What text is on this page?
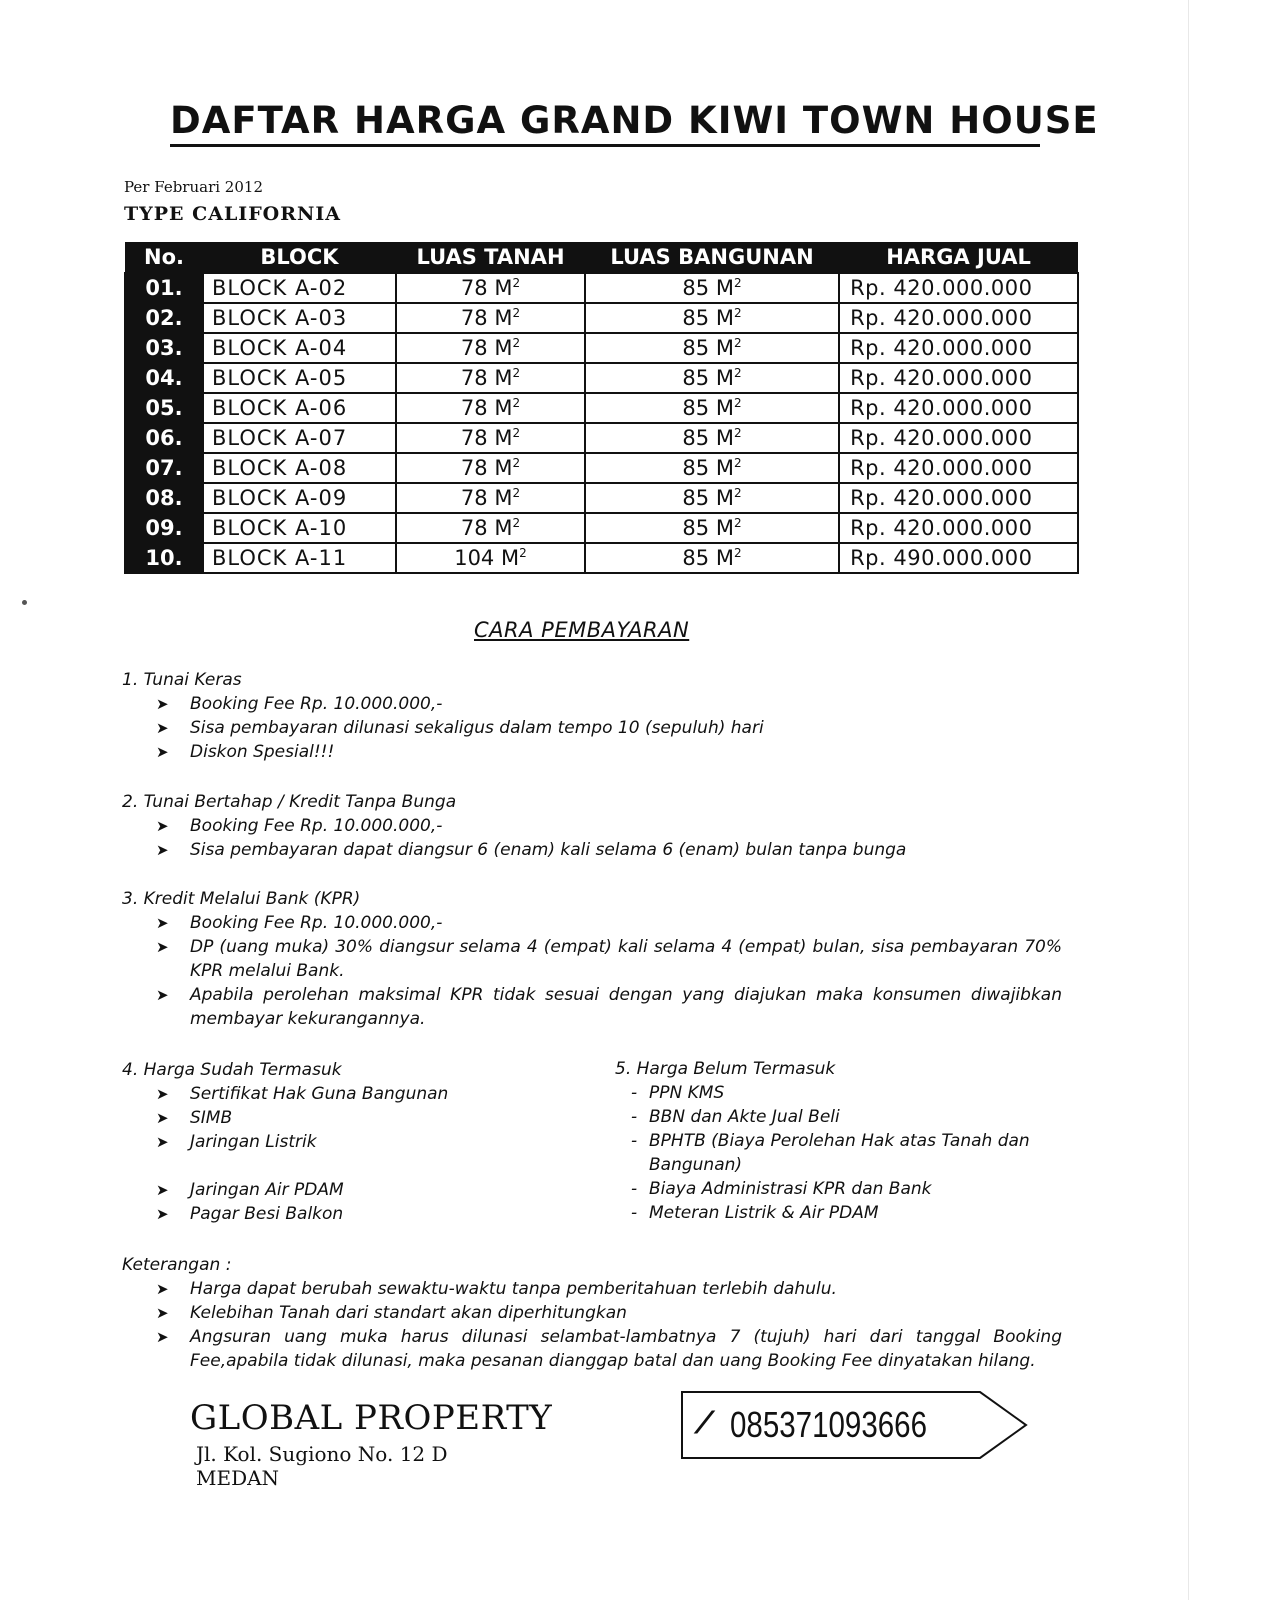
DAFTAR HARGA GRAND KIWI TOWN HOUSE
Per Februari 2012
TYPE CALIFORNIA
No.	BLOCK	LUAS TANAH	LUAS BANGUNAN	HARGA JUAL
01.	BLOCK A-02	78 $M^2$	85 $M^2$	Rp. 420.000.000
02.	BLOCK A-03	78 $M^2$	85 $M^2$	Rp. 420.000.000
03.	BLOCK A-04	78 $M^2$	85 $M^2$	Rp. 420.000.000
04.	BLOCK A-05	78 $M^2$	85 $M^2$	Rp. 420.000.000
05.	BLOCK A-06	78 $M^2$	85 $M^2$	Rp. 420.000.000
06.	BLOCK A-07	78 $M^2$	85 $M^2$	Rp. 420.000.000
07.	BLOCK A-08	78 $M^2$	85 $M^2$	Rp. 420.000.000
08.	BLOCK A-09	78 $M^2$	85 $M^2$	Rp. 420.000.000
09.	BLOCK A-10	78 $M^2$	85 $M^2$	Rp. 420.000.000
10.	BLOCK A-11	104 $M^2$	85 $M^2$	Rp. 490.000.000
CARA PEMBAYARAN
1. Tunai Keras
➤ Booking Fee Rp. 10.000.000,-
➤ Sisa pembayaran dilunasi sekaligus dalam tempo 10 (sepuluh) hari
➤ Diskon Spesial!!!
2. Tunai Bertahap / Kredit Tanpa Bunga
➤ Booking Fee Rp. 10.000.000,-
➤ Sisa pembayaran dapat diangsur 6 (enam) kali selama 6 (enam) bulan tanpa bunga
3. Kredit Melalui Bank (KPR)
➤ Booking Fee Rp. 10.000.000,-
➤ DP (uang muka) 30% diangsur selama 4 (empat) kali selama 4 (empat) bulan, sisa pembayaran 70% KPR melalui Bank.
➤ Apabila perolehan maksimal KPR tidak sesuai dengan yang diajukan maka konsumen diwajibkan membayar kekurangannya.
4. Harga Sudah Termasuk
➤ Sertifikat Hak Guna Bangunan
➤ SIMB
➤ Jaringan Listrik
➤ Jaringan Air PDAM
➤ Pagar Besi Balkon
5. Harga Belum Termasuk
- PPN KMS
- BBN dan Akte Jual Beli
- BPHTB (Biaya Perolehan Hak atas Tanah dan Bangunan)
- Biaya Administrasi KPR dan Bank
- Meteran Listrik & Air PDAM
Keterangan :
➤ Harga dapat berubah sewaktu-waktu tanpa pemberitahuan terlebih dahulu.
➤ Kelebihan Tanah dari standart akan diperhitungkan
➤ Angsuran uang muka harus dilunasi selambat-lambatnya 7 (tujuh) hari dari tanggal Booking Fee,apabila tidak dilunasi, maka pesanan dianggap batal dan uang Booking Fee dinyatakan hilang.
GLOBAL PROPERTY
Jl. Kol. Sugiono No. 12 D
MEDAN
⁄ 085371093666
